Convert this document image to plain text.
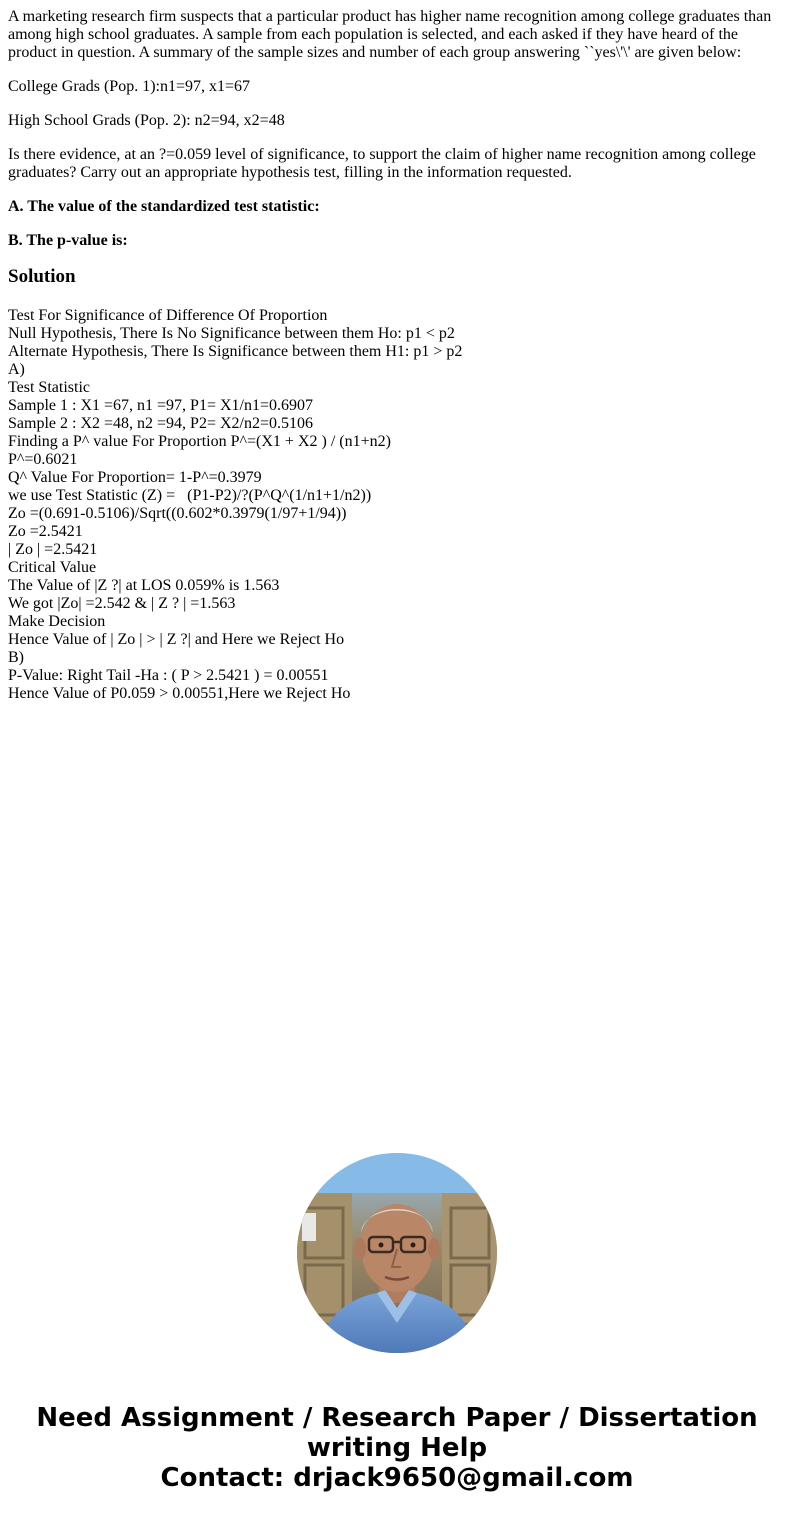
A marketing research firm suspects that a particular product has higher name recognition among college graduates than among high school graduates. A sample from each population is selected, and each asked if they have heard of the product in question. A summary of the sample sizes and number of each group answering ``yes\'\' are given below:

College Grads (Pop. 1):n1=97, x1=67

High School Grads (Pop. 2): n2=94, x2=48

Is there evidence, at an ?=0.059 level of significance, to support the claim of higher name recognition among college graduates? Carry out an appropriate hypothesis test, filling in the information requested.

A. The value of the standardized test statistic:

B. The p-value is:

Solution
Test For Significance of Difference Of Proportion
Null Hypothesis, There Is No Significance between them Ho: p1 < p2
Alternate Hypothesis, There Is Significance between them H1: p1 > p2
A)
Test Statistic
Sample 1 : X1 =67, n1 =97, P1= X1/n1=0.6907
Sample 2 : X2 =48, n2 =94, P2= X2/n2=0.5106
Finding a P^ value For Proportion P^=(X1 + X2 ) / (n1+n2)
P^=0.6021
Q^ Value For Proportion= 1-P^=0.3979
we use Test Statistic (Z) =   (P1-P2)/?(P^Q^(1/n1+1/n2))
Zo =(0.691-0.5106)/Sqrt((0.602*0.3979(1/97+1/94))
Zo =2.5421
| Zo | =2.5421
Critical Value
The Value of |Z ?| at LOS 0.059% is 1.563
We got |Zo| =2.542 & | Z ? | =1.563
Make Decision
Hence Value of | Zo | > | Z ?| and Here we Reject Ho
B)
P-Value: Right Tail -Ha : ( P > 2.5421 ) = 0.00551
Hence Value of P0.059 > 0.00551,Here we Reject Ho
Need Assignment / Research Paper / Dissertation
writing Help
Contact: drjack9650@gmail.com
